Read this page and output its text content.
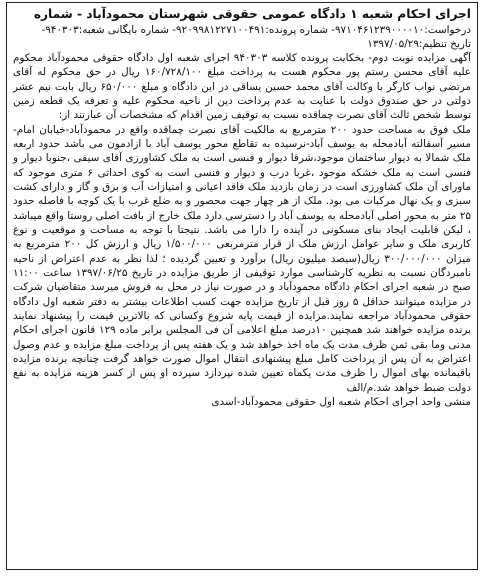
اجرای احکام شعبه ۱ دادگاه عمومی حقوقی شهرستان محمودآباد - شماره

درخواست:۹۷۱۰۴۶۱۲۳۹۰۰۰۰۱۰- شماره پرونده:۹۲۰۹۹۸۱۲۲۷۱۰۰۴۹۱- شماره بایگانی شعبه:۹۴۰۳۰۳-

تاریخ تنظیم:۱۳۹۷/۰۵/۲۹

آگهی مزایده نوبت دوم- بخکایت پرونده کلاسه ۹۴۰۳۰۳ اجرای شعبه اول دادگاه حقوقی محمودآباد محکوم علیه آقای محسن رستم پور محکوم هست به پرداخت مبلغ ۱۶۰/۷۲۸/۱۰۰ ریال در حق محکوم له آقای مرتضی نواب کارگر با وکالت آقای محمد حسین یساقی در این دادگاه و مبلغ ۶۵۰/۰۰۰ ریال بابت نیم عشر دولتی در حق صندوق دولت با عنایت به عدم پرداخت دین از ناحیه محکوم علیه و تعرفه یک قطعه زمین توسط شخص ثالث آقای نصرت چماقده نسبت به توقیف زمین اقدام که مشخصات آن عبارتند از:

ملک فوق به مساحت حدود ۲۰۰ مترمربع به مالکیت آقای نصرت چماقده واقع در محمودآباد-خیابان امام-مسیر آسفالته آبادمحله به یوسف آباد-نرسیده به تقاطع محور یوسف آباد با ازادمون می باشد حدود اربعه ملک شمالا به دیوار ساختمان موجود،شرقا دیوار و فنسی است به ملک کشاورزی آقای سیفی ،جنوبا دیوار و فنسی است به ملک خشکه موجود ،غربا درب و دیوار و فنسی است به کوی احداثی ۶ متری موجود که ماورای آن ملک کشاورزی است در زمان بازدید ملک فاقد اعیانی و امتیازات آب و برق و گاز و دارای کشت سبزی و یک نهال مرکبات می بود. ملک از هر چهار جهت محصور و به ضلع غرب با یک کوچه با فاصله حدود ۲۵ متر به محور اصلی آبادمحله به یوسف آباد را دسترسی دارد ملک خارج از بافت اصلی روستا واقع میباشد ، لیکن قابلیت ایجاد بنای مسکونی در آینده را دارا می باشد. نتیجتا با توجه به مساحت و موقعیت و نوع کاربری ملک و سایر عوامل ارزش ملک از قرار مترمربعی ۱/۵۰۰/۰۰۰ ریال و ارزش کل ۲۰۰ مترمربع به میزان ۳۰۰/۰۰۰/۰۰۰ ریال(سیصد میلیون ریال) برآورد و تعیین گردیده ؛ لذا نظر به عدم اعتراض از ناحیه نامبردگان نسبت به نظریه کارشناسی موارد توقیفی از طریق مزایده در تاریخ ۱۳۹۷/۰۶/۲۵ ساعت ۱۱:۰۰ صبح در شعبه اجرای احکام دادگاه محمودآباد و در صورت نیاز در محل به فروش میرسد متقاضیان شرکت در مزایده میتوانند حداقل ۵ روز قبل از تاریخ مزایده جهت کسب اطلاعات بیشتر به دفتر شعبه اول دادگاه حقوقی محمودآباد مراجعه نمایند.مزایده از قیمت پایه شروع وکسانی که بالاترین قیمت را پیشنهاد نمایند برنده مزایده خواهند شد همچنین ۱۰درصد مبلغ اعلامی آن فی المجلس برابر ماده ۱۲۹ قانون اجرای احکام مدنی وما بقی ثمن ظرف مدت یک ماه اخذ خواهد شد و یک هفته پس از پرداخت مبلغ مزایده و عدم وصول اعتراض به آن پس از پرداخت کامل مبلغ پیشنهادی انتقال اموال صورت خواهد گرفت چنانچه برنده مزایده باقیمانده بهای اموال را ظرف مدت یکماه تعیین شده نپردازد سپرده او پس از کسر هزینه مزایده به نفع دولت ضبط خواهد شد.م/الف

منشی واحد اجرای احکام شعبه اول حقوقی محمودآباد-اسدی
